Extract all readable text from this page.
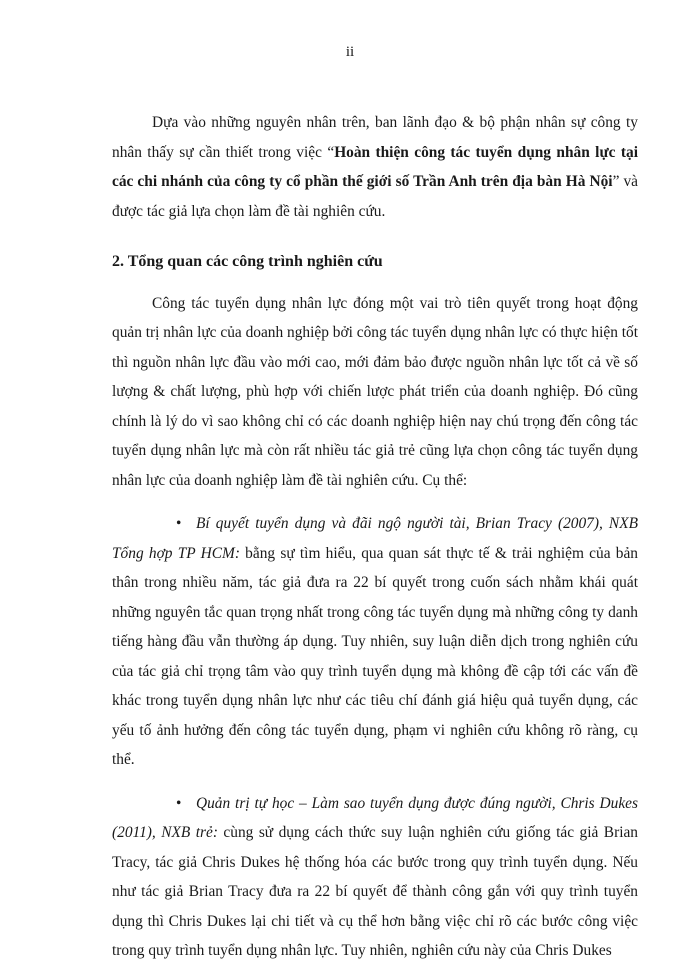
ii

Dựa vào những nguyên nhân trên, ban lãnh đạo & bộ phận nhân sự công ty nhân thấy sự cần thiết trong việc “Hoàn thiện công tác tuyển dụng nhân lực tại các chi nhánh của công ty cổ phần thế giới số Trần Anh trên địa bàn Hà Nội” và được tác giả lựa chọn làm đề tài nghiên cứu.

2. Tổng quan các công trình nghiên cứu

Công tác tuyển dụng nhân lực đóng một vai trò tiên quyết trong hoạt động quản trị nhân lực của doanh nghiệp bởi công tác tuyển dụng nhân lực có thực hiện tốt thì nguồn nhân lực đầu vào mới cao, mới đảm bảo được nguồn nhân lực tốt cả về số lượng & chất lượng, phù hợp với chiến lược phát triển của doanh nghiệp. Đó cũng chính là lý do vì sao không chỉ có các doanh nghiệp hiện nay chú trọng đến công tác tuyển dụng nhân lực mà còn rất nhiều tác giả trẻ cũng lựa chọn công tác tuyển dụng nhân lực của doanh nghiệp làm đề tài nghiên cứu. Cụ thể:

• Bí quyết tuyển dụng và đãi ngộ người tài, Brian Tracy (2007), NXB Tổng hợp TP HCM: bằng sự tìm hiểu, qua quan sát thực tế & trải nghiệm của bản thân trong nhiều năm, tác giả đưa ra 22 bí quyết trong cuốn sách nhằm khái quát những nguyên tắc quan trọng nhất trong công tác tuyển dụng mà những công ty danh tiếng hàng đầu vẫn thường áp dụng. Tuy nhiên, suy luận diễn dịch trong nghiên cứu của tác giả chỉ trọng tâm vào quy trình tuyển dụng mà không đề cập tới các vấn đề khác trong tuyển dụng nhân lực như các tiêu chí đánh giá hiệu quả tuyển dụng, các yếu tố ảnh hưởng đến công tác tuyển dụng, phạm vi nghiên cứu không rõ ràng, cụ thể.

• Quản trị tự học – Làm sao tuyển dụng được đúng người, Chris Dukes (2011), NXB trẻ: cùng sử dụng cách thức suy luận nghiên cứu giống tác giả Brian Tracy, tác giả Chris Dukes hệ thống hóa các bước trong quy trình tuyển dụng. Nếu như tác giả Brian Tracy đưa ra 22 bí quyết để thành công gắn với quy trình tuyển dụng thì Chris Dukes lại chi tiết và cụ thể hơn bằng việc chỉ rõ các bước công việc trong quy trình tuyển dụng nhân lực. Tuy nhiên, nghiên cứu này của Chris Dukes
